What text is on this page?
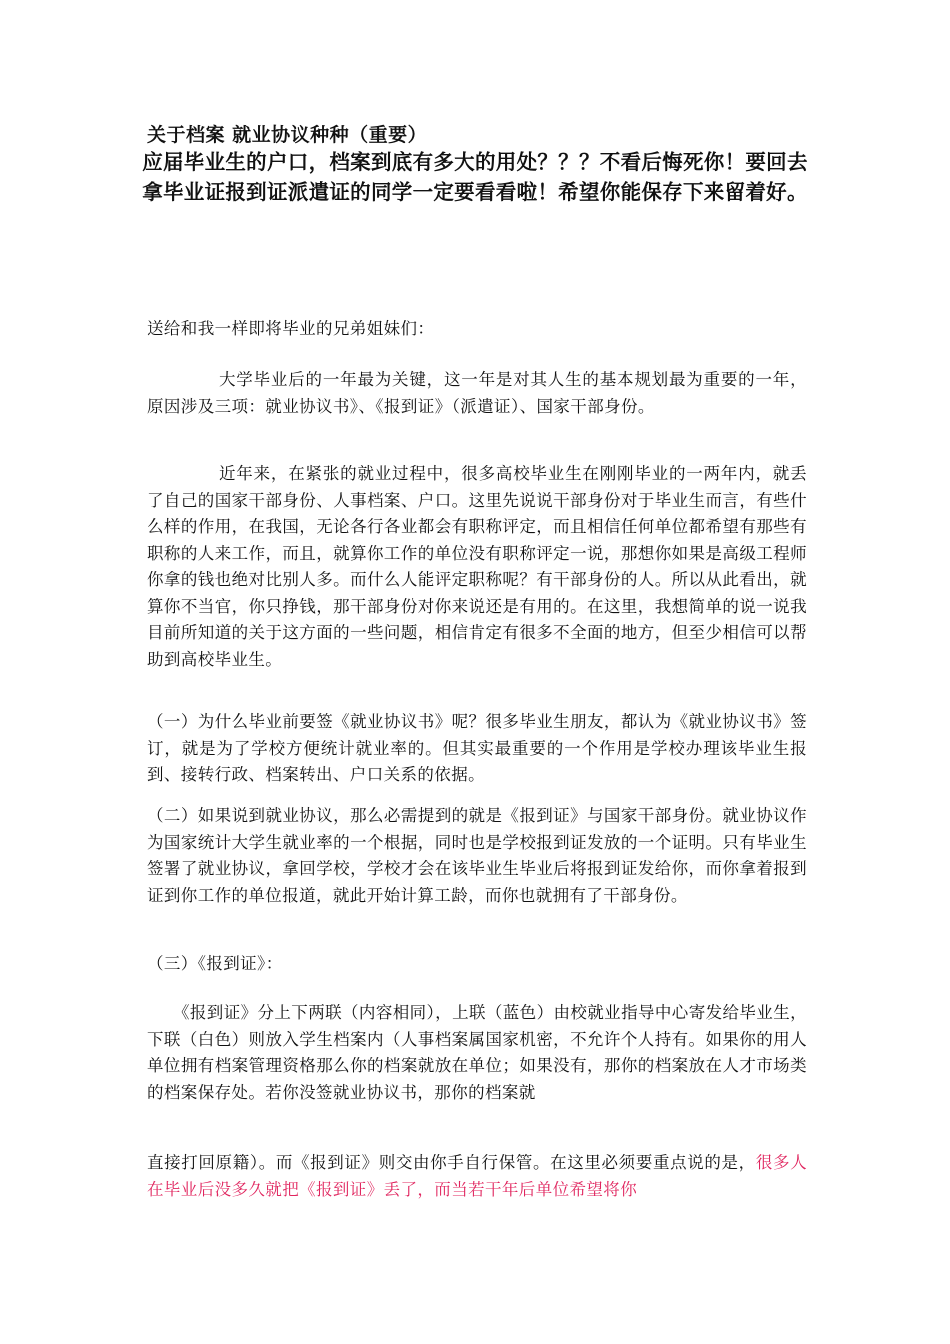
关于档案 就业协议种种（重要）
应届毕业生的户口，档案到底有多大的用处？？？不看后悔死你！要回去拿毕业证报到证派遣证的同学一定要看看啦！希望你能保存下来留着好。
送给和我一样即将毕业的兄弟姐妹们：
大学毕业后的一年最为关键，这一年是对其人生的基本规划最为重要的一年，原因涉及三项：就业协议书》、《报到证》（派遣证）、国家干部身份。
近年来，在紧张的就业过程中，很多高校毕业生在刚刚毕业的一两年内，就丢了自己的国家干部身份、人事档案、户口。这里先说说干部身份对于毕业生而言，有些什么样的作用，在我国，无论各行各业都会有职称评定，而且相信任何单位都希望有那些有职称的人来工作，而且，就算你工作的单位没有职称评定一说，那想你如果是高级工程师你拿的钱也绝对比别人多。而什么人能评定职称呢？有干部身份的人。所以从此看出，就算你不当官，你只挣钱，那干部身份对你来说还是有用的。在这里，我想简单的说一说我目前所知道的关于这方面的一些问题，相信肯定有很多不全面的地方，但至少相信可以帮助到高校毕业生。
（一）为什么毕业前要签《就业协议书》呢？很多毕业生朋友，都认为《就业协议书》签订，就是为了学校方便统计就业率的。但其实最重要的一个作用是学校办理该毕业生报到、接转行政、档案转出、户口关系的依据。
（二）如果说到就业协议，那么必需提到的就是《报到证》与国家干部身份。就业协议作为国家统计大学生就业率的一个根据，同时也是学校报到证发放的一个证明。只有毕业生签署了就业协议，拿回学校，学校才会在该毕业生毕业后将报到证发给你，而你拿着报到证到你工作的单位报道，就此开始计算工龄，而你也就拥有了干部身份。
（三）《报到证》：
《报到证》分上下两联（内容相同），上联（蓝色）由校就业指导中心寄发给毕业生，下联（白色）则放入学生档案内（人事档案属国家机密，不允许个人持有。如果你的用人单位拥有档案管理资格那么你的档案就放在单位；如果没有，那你的档案放在人才市场类的档案保存处。若你没签就业协议书，那你的档案就
直接打回原籍）。而《报到证》则交由你手自行保管。在这里必须要重点说的是，很多人在毕业后没多久就把《报到证》丢了，而当若干年后单位希望将你
